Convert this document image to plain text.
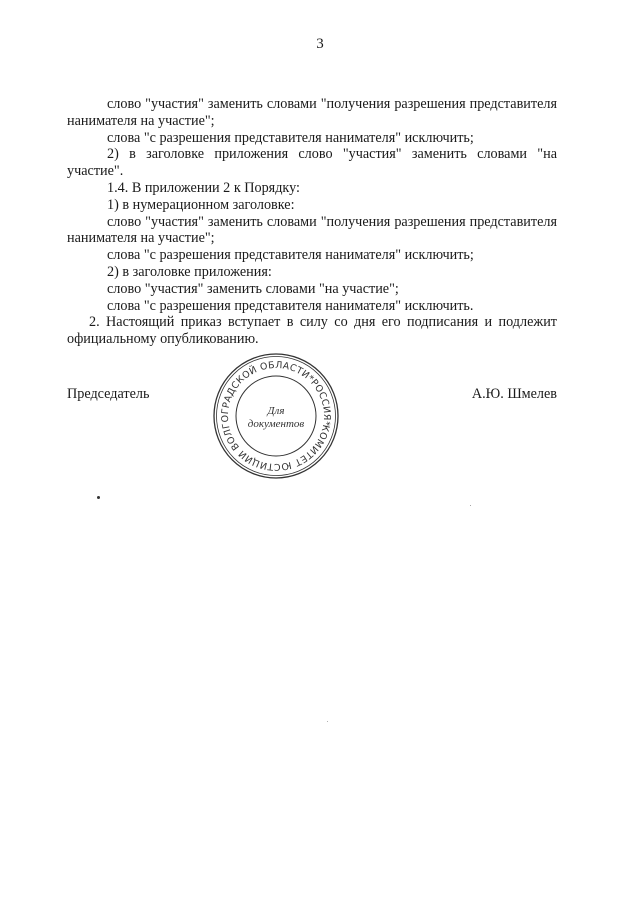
3

слово "участия" заменить словами "получения разрешения представителя нанимателя на участие";

слова "с разрешения представителя нанимателя" исключить;

2) в заголовке приложения слово "участия" заменить словами "на участие".

1.4. В приложении 2 к Порядку:

1) в нумерационном заголовке:

слово "участия" заменить словами "получения разрешения представителя нанимателя на участие";

слова "с разрешения представителя нанимателя" исключить;

2) в заголовке приложения:

слово "участия" заменить словами "на участие";

слова "с разрешения представителя нанимателя" исключить.

2. Настоящий приказ вступает в силу со дня его подписания и подлежит официальному опубликованию.

Председатель	А.Ю. Шмелев
КОМИТЕТ ЮСТИЦИИ ВОЛГОГРАДСКОЙ ОБЛАСТИ*РОССИЯ*
Для
документов
